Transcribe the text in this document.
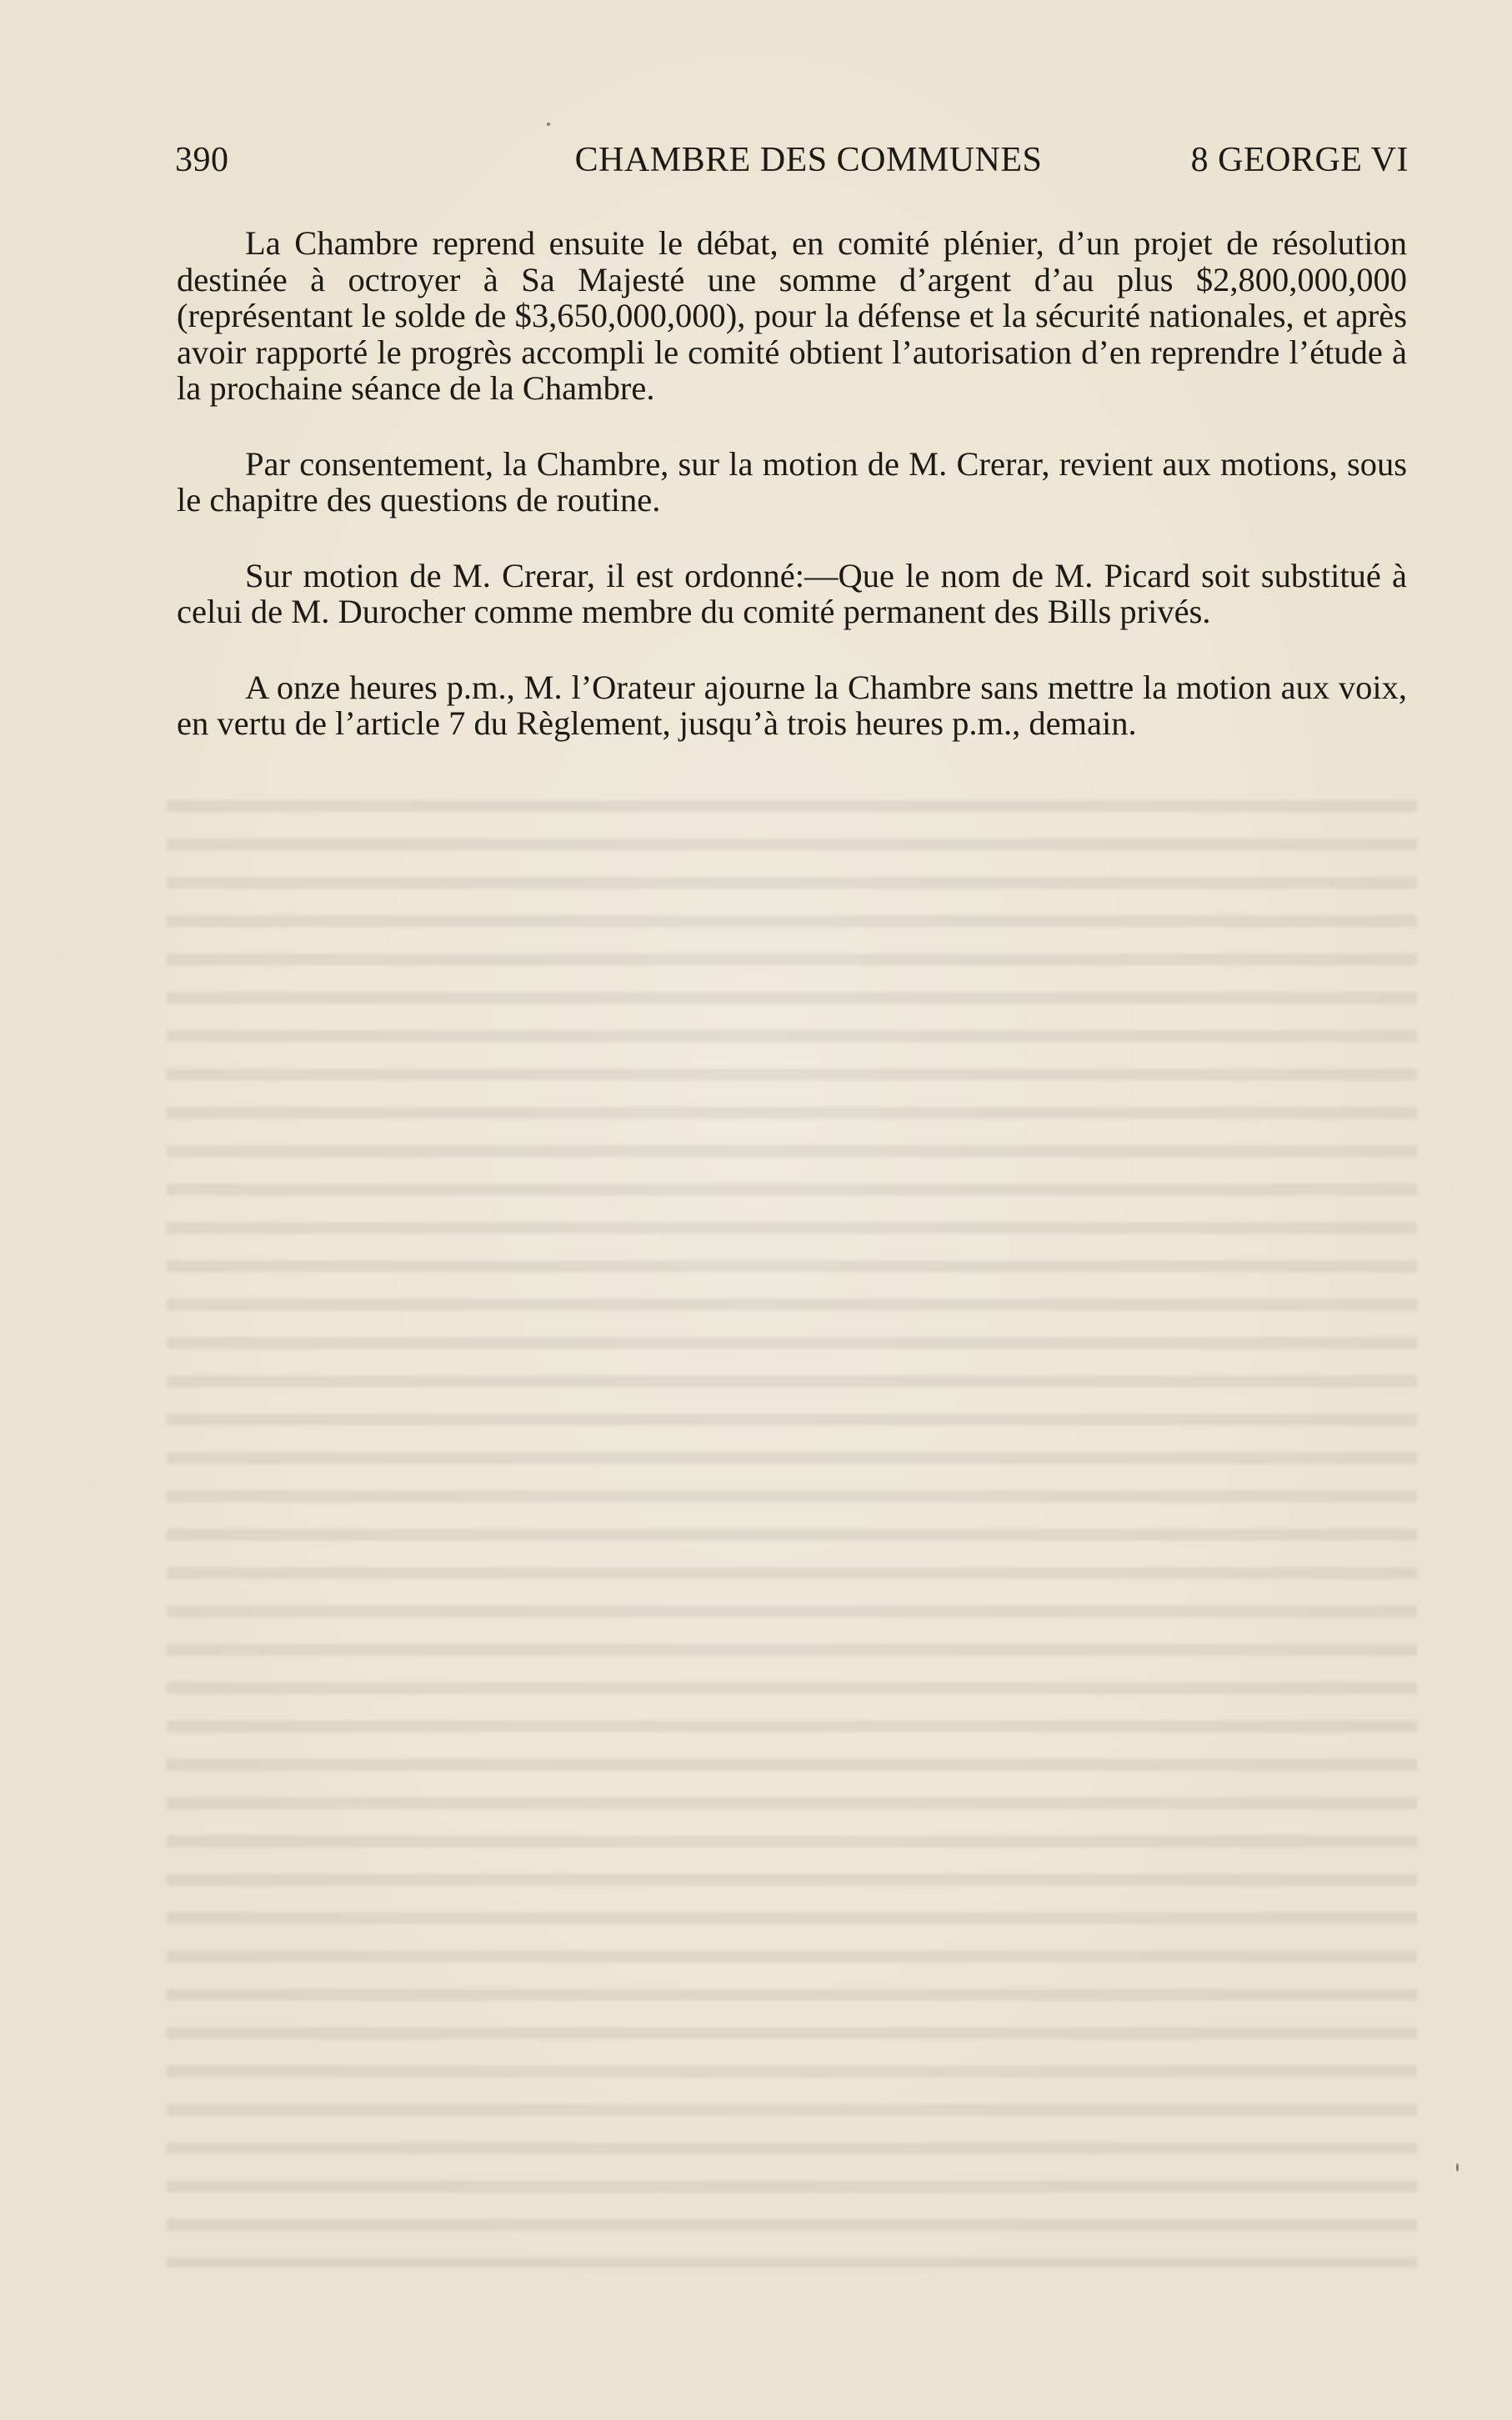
390	CHAMBRE DES COMMUNES	8 GEORGE VI

La Chambre reprend ensuite le débat, en comité plénier, d’un projet de résolution destinée à octroyer à Sa Majesté une somme d’argent d’au plus $2,800,000,000 (représentant le solde de $3,650,000,000), pour la défense et la sécurité nationales, et après avoir rapporté le progrès accompli le comité obtient l’autorisation d’en reprendre l’étude à la prochaine séance de la Chambre.

Par consentement, la Chambre, sur la motion de M. Crerar, revient aux motions, sous le chapitre des questions de routine.

Sur motion de M. Crerar, il est ordonné:—Que le nom de M. Picard soit substitué à celui de M. Durocher comme membre du comité permanent des Bills privés.

A onze heures p.m., M. l’Orateur ajourne la Chambre sans mettre la motion aux voix, en vertu de l’article 7 du Règlement, jusqu’à trois heures p.m., demain.
